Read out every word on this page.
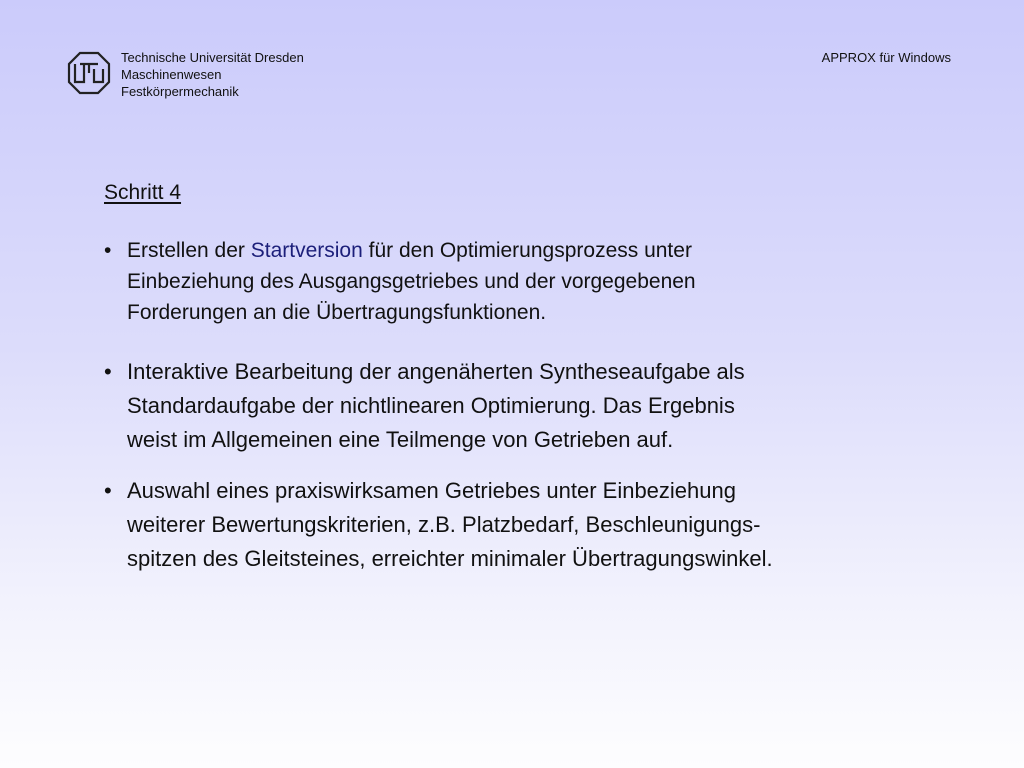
Technische Universität Dresden
Maschinenwesen
Festkörpermechanik
APPROX für Windows
Schritt 4
• Erstellen der Startversion für den Optimierungsprozess unter
Einbeziehung des Ausgangsgetriebes und der vorgegebenen
Forderungen an die Übertragungsfunktionen.
• Interaktive Bearbeitung der angenäherten Syntheseaufgabe als
Standardaufgabe der nichtlinearen Optimierung. Das Ergebnis
weist im Allgemeinen eine Teilmenge von Getrieben auf.
• Auswahl eines praxiswirksamen Getriebes unter Einbeziehung
weiterer Bewertungskriterien, z.B. Platzbedarf, Beschleunigungs-
spitzen des Gleitsteines, erreichter minimaler Übertragungswinkel.
